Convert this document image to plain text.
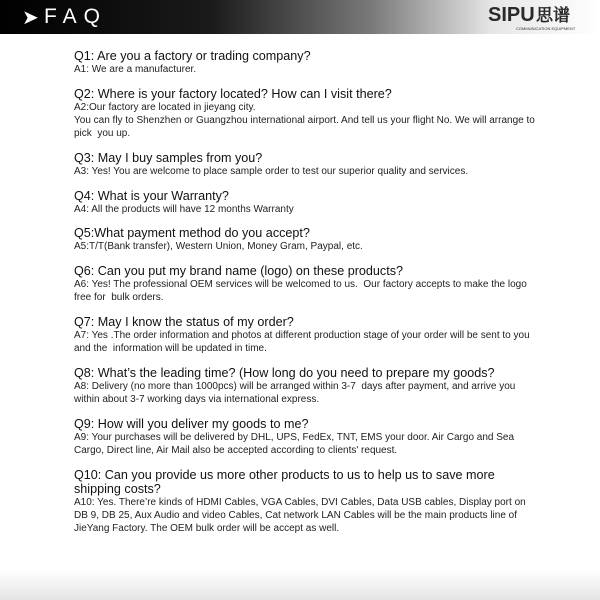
➤ FAQ	SIPU 思谱
COMMUNICATION EQUIPMENT
Q1: Are you a factory or trading company?
A1: We are a manufacturer.
Q2: Where is your factory located? How can I visit there?
A2:Our factory are located in jieyang city.
You can fly to Shenzhen or Guangzhou international airport. And tell us your flight No. We will arrange to pick  you up.
Q3: May I buy samples from you?
A3: Yes! You are welcome to place sample order to test our superior quality and services.
Q4: What is your Warranty?
A4: All the products will have 12 months Warranty
Q5:What payment method do you accept?
A5:T/T(Bank transfer), Western Union, Money Gram, Paypal, etc.
Q6: Can you put my brand name (logo) on these products?
A6: Yes! The professional OEM services will be welcomed to us.  Our factory accepts to make the logo free for  bulk orders.
Q7: May I know the status of my order?
A7: Yes .The order information and photos at different production stage of your order will be sent to you and the  information will be updated in time.
Q8: What’s the leading time? (How long do you need to prepare my goods?
A8: Delivery (no more than 1000pcs) will be arranged within 3-7  days after payment, and arrive you within about 3-7 working days via international express.
Q9: How will you deliver my goods to me?
A9: Your purchases will be delivered by DHL, UPS, FedEx, TNT, EMS your door. Air Cargo and Sea Cargo, Direct line, Air Mail also be accepted according to clients' request.
Q10: Can you provide us more other products to us to help us to save more shipping costs?
A10: Yes. There’re kinds of HDMI Cables, VGA Cables, DVI Cables, Data USB cables, Display port on DB 9, DB 25, Aux Audio and video Cables, Cat network LAN Cables will be the main products line of JieYang Factory. The OEM bulk order will be accept as well.
